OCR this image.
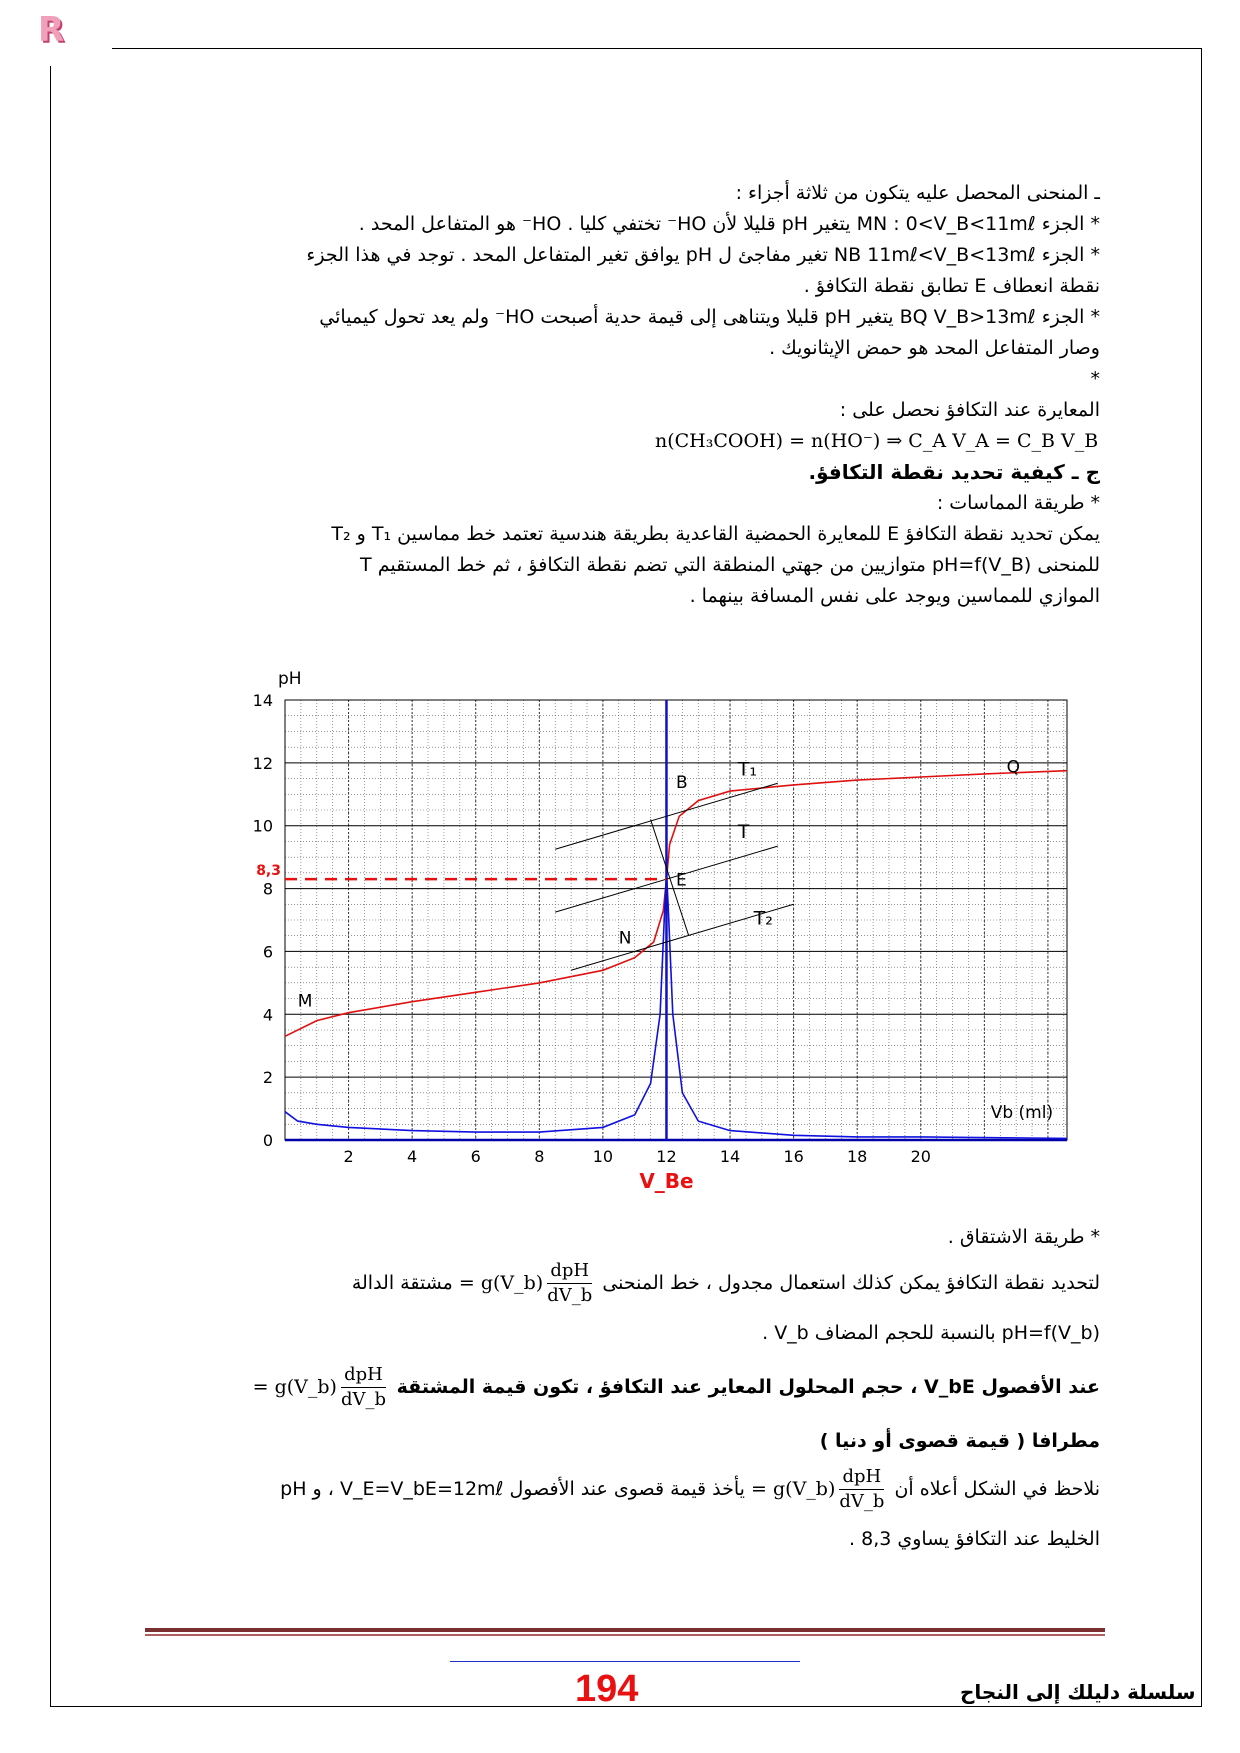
R

ـ المنحنى المحصل عليه يتكون من ثلاثة أجزاء :

* الجزء MN : 0<V_B<11mℓ يتغير pH قليلا لأن HO⁻ تختفي كليا . HO⁻ هو المتفاعل المحد .

* الجزء NB 11mℓ<V_B<13mℓ تغير مفاجئ ل pH يوافق تغير المتفاعل المحد . توجد في هذا الجزء

نقطة انعطاف E تطابق نقطة التكافؤ .

* الجزء BQ V_B>13mℓ يتغير pH قليلا ويتناهى إلى قيمة حدية أصبحت HO⁻ ولم يعد تحول كيميائي

وصار المتفاعل المحد هو حمض الإيثانويك .

*

المعايرة عند التكافؤ نحصل على :

n(CH₃COOH) = n(HO⁻) ⇒ C_A V_A = C_B V_B

ج ـ كيفية تحديد نقطة التكافؤ.

* طريقة المماسات :

يمكن تحديد نقطة التكافؤ E للمعايرة الحمضية القاعدية بطريقة هندسية تعتمد خط مماسين T₁ و T₂

للمنحنى pH=f(V_B) متوازيين من جهتي المنطقة التي تضم نقطة التكافؤ ، ثم خط المستقيم T

الموازي للمماسين ويوجد على نفس المسافة بينهما .

2	4	6	8	10	12	14	16	18	20
0
2
4
6
8
10
12
14
pH
Vb (ml)
T₁
T
T₂
8,3
V_Be
M
N
E
B
Q

* طريقة الاشتقاق .

لتحديد نقطة التكافؤ يمكن كذلك استعمال مجدول ، خط المنحنى
$\frac{\text{dpH}}{dV\_b}$
= g(V_b) مشتقة الدالة

pH=f(V_b) بالنسبة للحجم المضاف V_b .

عند الأفصول V_bE ، حجم المحلول المعاير عند التكافؤ ، تكون قيمة المشتقة
$\frac{\text{dpH}}{dV\_b}$
= g(V_b)

مطرافا ( قيمة قصوى أو دنيا )

نلاحظ في الشكل أعلاه أن
$\frac{\text{dpH}}{dV\_b}$
= g(V_b) يأخذ قيمة قصوى عند الأفصول V_E=V_bE=12mℓ ، و pH

الخليط عند التكافؤ يساوي 8,3 .

194	سلسلة دليلك إلى النجاح
